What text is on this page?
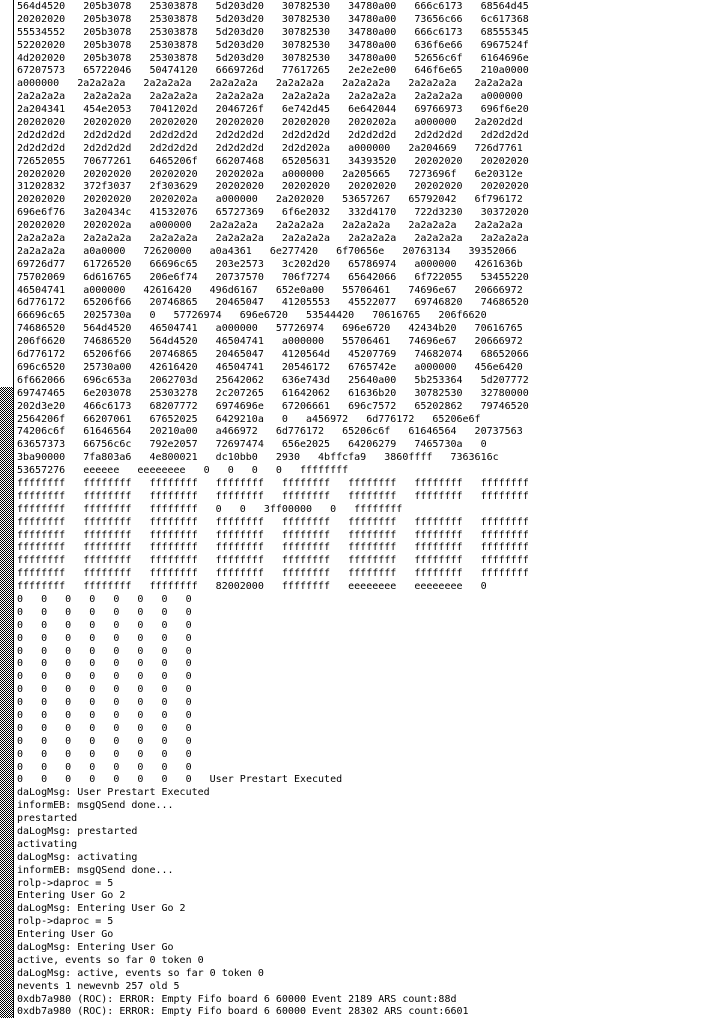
564d4520   205b3078   25303878   5d203d20   30782530   34780a00   666c6173   68564d45
20202020   205b3078   25303878   5d203d20   30782530   34780a00   73656c66   6c617368
55534552   205b3078   25303878   5d203d20   30782530   34780a00   666c6173   68555345
52202020   205b3078   25303878   5d203d20   30782530   34780a00   636f6e66   6967524f
4d202020   205b3078   25303878   5d203d20   30782530   34780a00   52656c6f   6164696e
67207573   65722046   50474120   6669726d   77617265   2e2e2e00   646f6e65   210a0000
a000000   2a2a2a2a   2a2a2a2a   2a2a2a2a   2a2a2a2a   2a2a2a2a   2a2a2a2a   2a2a2a2a
2a2a2a2a   2a2a2a2a   2a2a2a2a   2a2a2a2a   2a2a2a2a   2a2a2a2a   2a2a2a2a   a000000
2a204341   454e2053   7041202d   2046726f   6e742d45   6e642044   69766973   696f6e20
20202020   20202020   20202020   20202020   20202020   2020202a   a000000   2a202d2d
2d2d2d2d   2d2d2d2d   2d2d2d2d   2d2d2d2d   2d2d2d2d   2d2d2d2d   2d2d2d2d   2d2d2d2d
2d2d2d2d   2d2d2d2d   2d2d2d2d   2d2d2d2d   2d2d202a   a000000   2a204669   726d7761
72652055   70677261   6465206f   66207468   65205631   34393520   20202020   20202020
20202020   20202020   20202020   2020202a   a000000   2a205665   7273696f   6e20312e
31202832   372f3037   2f303629   20202020   20202020   20202020   20202020   20202020
20202020   20202020   2020202a   a000000   2a202020   53657267   65792042   6f796172
696e6f76   3a20434c   41532076   65727369   6f6e2032   332d4170   722d3230   30372020
20202020   2020202a   a000000   2a2a2a2a   2a2a2a2a   2a2a2a2a   2a2a2a2a   2a2a2a2a
2a2a2a2a   2a2a2a2a   2a2a2a2a   2a2a2a2a   2a2a2a2a   2a2a2a2a   2a2a2a2a   2a2a2a2a
2a2a2a2a   a0a0000   72620000   a0a4361   6e277420   6f70656e   20763134   39352066
69726d77   61726520   66696c65   203e2573   3c202d20   65786974   a000000   4261636b
75702069   6d616765   206e6f74   20737570   706f7274   65642066   6f722055   53455220
46504741   a000000   42616420   496d6167   652e0a00   55706461   74696e67   20666972
6d776172   65206f66   20746865   20465047   41205553   45522077   69746820   74686520
66696c65   2025730a   0   57726974   696e6720   53544420   70616765   206f6620
74686520   564d4520   46504741   a000000   57726974   696e6720   42434b20   70616765
206f6620   74686520   564d4520   46504741   a000000   55706461   74696e67   20666972
6d776172   65206f66   20746865   20465047   4120564d   45207769   74682074   68652066
696c6520   25730a00   42616420   46504741   20546172   6765742e   a000000   456e6420
6f662066   696c653a   2062703d   25642062   636e743d   25640a00   5b253364   5d207772
69747465   6e203078   25303278   2c207265   61642062   61636b20   30782530   32780000
202d3e20   466c6173   68207772   6974696e   67206661   696c7572   65202862   79746520
2564206f   66207061   67652025   6429210a   0   a456972   6d776172   65206e6f
74206c6f   61646564   20210a00   a466972   6d776172   65206c6f   61646564   20737563
63657373   66756c6c   792e2057   72697474   656e2025   64206279   7465730a   0
3ba90000   7fa803a6   4e800021   dc10bb0   2930   4bffcfa9   3860ffff   7363616c
53657276   eeeeee   eeeeeeee   0   0   0   0   ffffffff
ffffffff   ffffffff   ffffffff   ffffffff   ffffffff   ffffffff   ffffffff   ffffffff
ffffffff   ffffffff   ffffffff   ffffffff   ffffffff   ffffffff   ffffffff   ffffffff
ffffffff   ffffffff   ffffffff   0   0   3ff00000   0   ffffffff
ffffffff   ffffffff   ffffffff   ffffffff   ffffffff   ffffffff   ffffffff   ffffffff
ffffffff   ffffffff   ffffffff   ffffffff   ffffffff   ffffffff   ffffffff   ffffffff
ffffffff   ffffffff   ffffffff   ffffffff   ffffffff   ffffffff   ffffffff   ffffffff
ffffffff   ffffffff   ffffffff   ffffffff   ffffffff   ffffffff   ffffffff   ffffffff
ffffffff   ffffffff   ffffffff   ffffffff   ffffffff   ffffffff   ffffffff   ffffffff
ffffffff   ffffffff   ffffffff   82002000   ffffffff   eeeeeeee   eeeeeeee   0
0   0   0   0   0   0   0   0
0   0   0   0   0   0   0   0
0   0   0   0   0   0   0   0
0   0   0   0   0   0   0   0
0   0   0   0   0   0   0   0
0   0   0   0   0   0   0   0
0   0   0   0   0   0   0   0
0   0   0   0   0   0   0   0
0   0   0   0   0   0   0   0
0   0   0   0   0   0   0   0
0   0   0   0   0   0   0   0
0   0   0   0   0   0   0   0
0   0   0   0   0   0   0   0
0   0   0   0   0   0   0   0
0   0   0   0   0   0   0   0   User Prestart Executed
daLogMsg: User Prestart Executed
informEB: msgQSend done...
prestarted
daLogMsg: prestarted
activating
daLogMsg: activating
informEB: msgQSend done...
rolp->daproc = 5
Entering User Go 2
daLogMsg: Entering User Go 2
rolp->daproc = 5
Entering User Go
daLogMsg: Entering User Go
active, events so far 0 token 0
daLogMsg: active, events so far 0 token 0
nevents 1 newevnb 257 old 5
0xdb7a980 (ROC): ERROR: Empty Fifo board 6 60000 Event 2189 ARS count:88d
0xdb7a980 (ROC): ERROR: Empty Fifo board 6 60000 Event 28302 ARS count:6601
